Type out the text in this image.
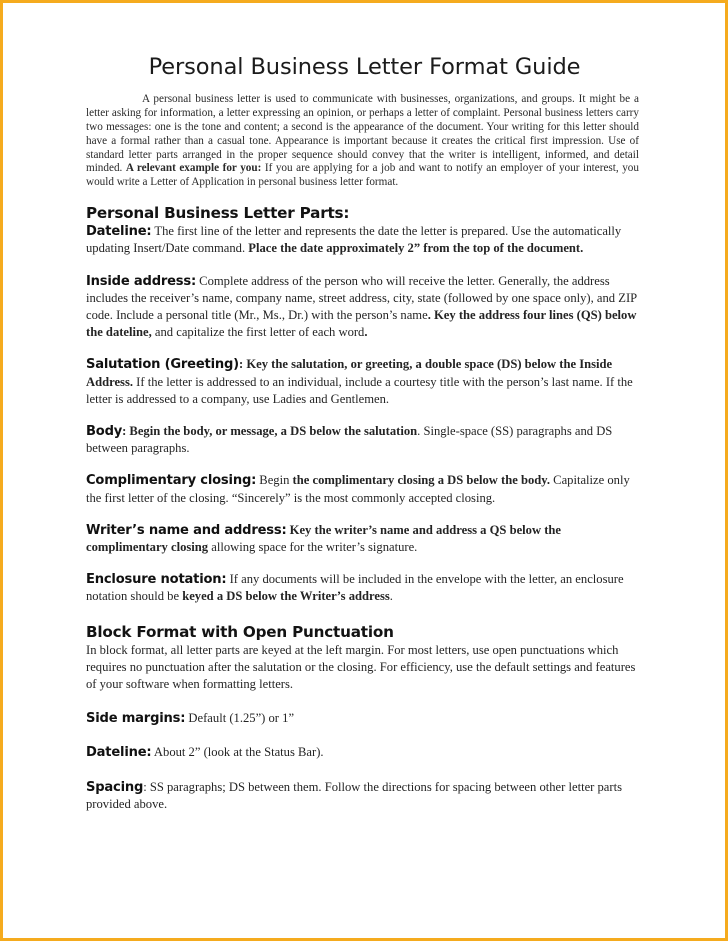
Personal Business Letter Format Guide

A personal business letter is used to communicate with businesses, organizations, and groups. It might be a letter asking for information, a letter expressing an opinion, or perhaps a letter of complaint. Personal business letters carry two messages: one is the tone and content; a second is the appearance of the document. Your writing for this letter should have a formal rather than a casual tone. Appearance is important because it creates the critical first impression. Use of standard letter parts arranged in the proper sequence should convey that the writer is intelligent, informed, and detail minded. A relevant example for you: If you are applying for a job and want to notify an employer of your interest, you would write a Letter of Application in personal business letter format.

Personal Business Letter Parts:

Dateline: The first line of the letter and represents the date the letter is prepared. Use the automatically updating Insert/Date command. Place the date approximately 2” from the top of the document.

Inside address: Complete address of the person who will receive the letter. Generally, the address includes the receiver’s name, company name, street address, city, state (followed by one space only), and ZIP code. Include a personal title (Mr., Ms., Dr.) with the person’s name. Key the address four lines (QS) below the dateline, and capitalize the first letter of each word.

Salutation (Greeting): Key the salutation, or greeting, a double space (DS) below the Inside Address. If the letter is addressed to an individual, include a courtesy title with the person’s last name. If the letter is addressed to a company, use Ladies and Gentlemen.

Body: Begin the body, or message, a DS below the salutation. Single-space (SS) paragraphs and DS between paragraphs.

Complimentary closing: Begin the complimentary closing a DS below the body. Capitalize only the first letter of the closing. “Sincerely” is the most commonly accepted closing.

Writer’s name and address: Key the writer’s name and address a QS below the complimentary closing allowing space for the writer’s signature.

Enclosure notation: If any documents will be included in the envelope with the letter, an enclosure notation should be keyed a DS below the Writer’s address.

Block Format with Open Punctuation

In block format, all letter parts are keyed at the left margin. For most letters, use open punctuations which requires no punctuation after the salutation or the closing. For efficiency, use the default settings and features of your software when formatting letters.

Side margins: Default (1.25”) or 1”

Dateline: About 2” (look at the Status Bar).

Spacing: SS paragraphs; DS between them. Follow the directions for spacing between other letter parts provided above.
